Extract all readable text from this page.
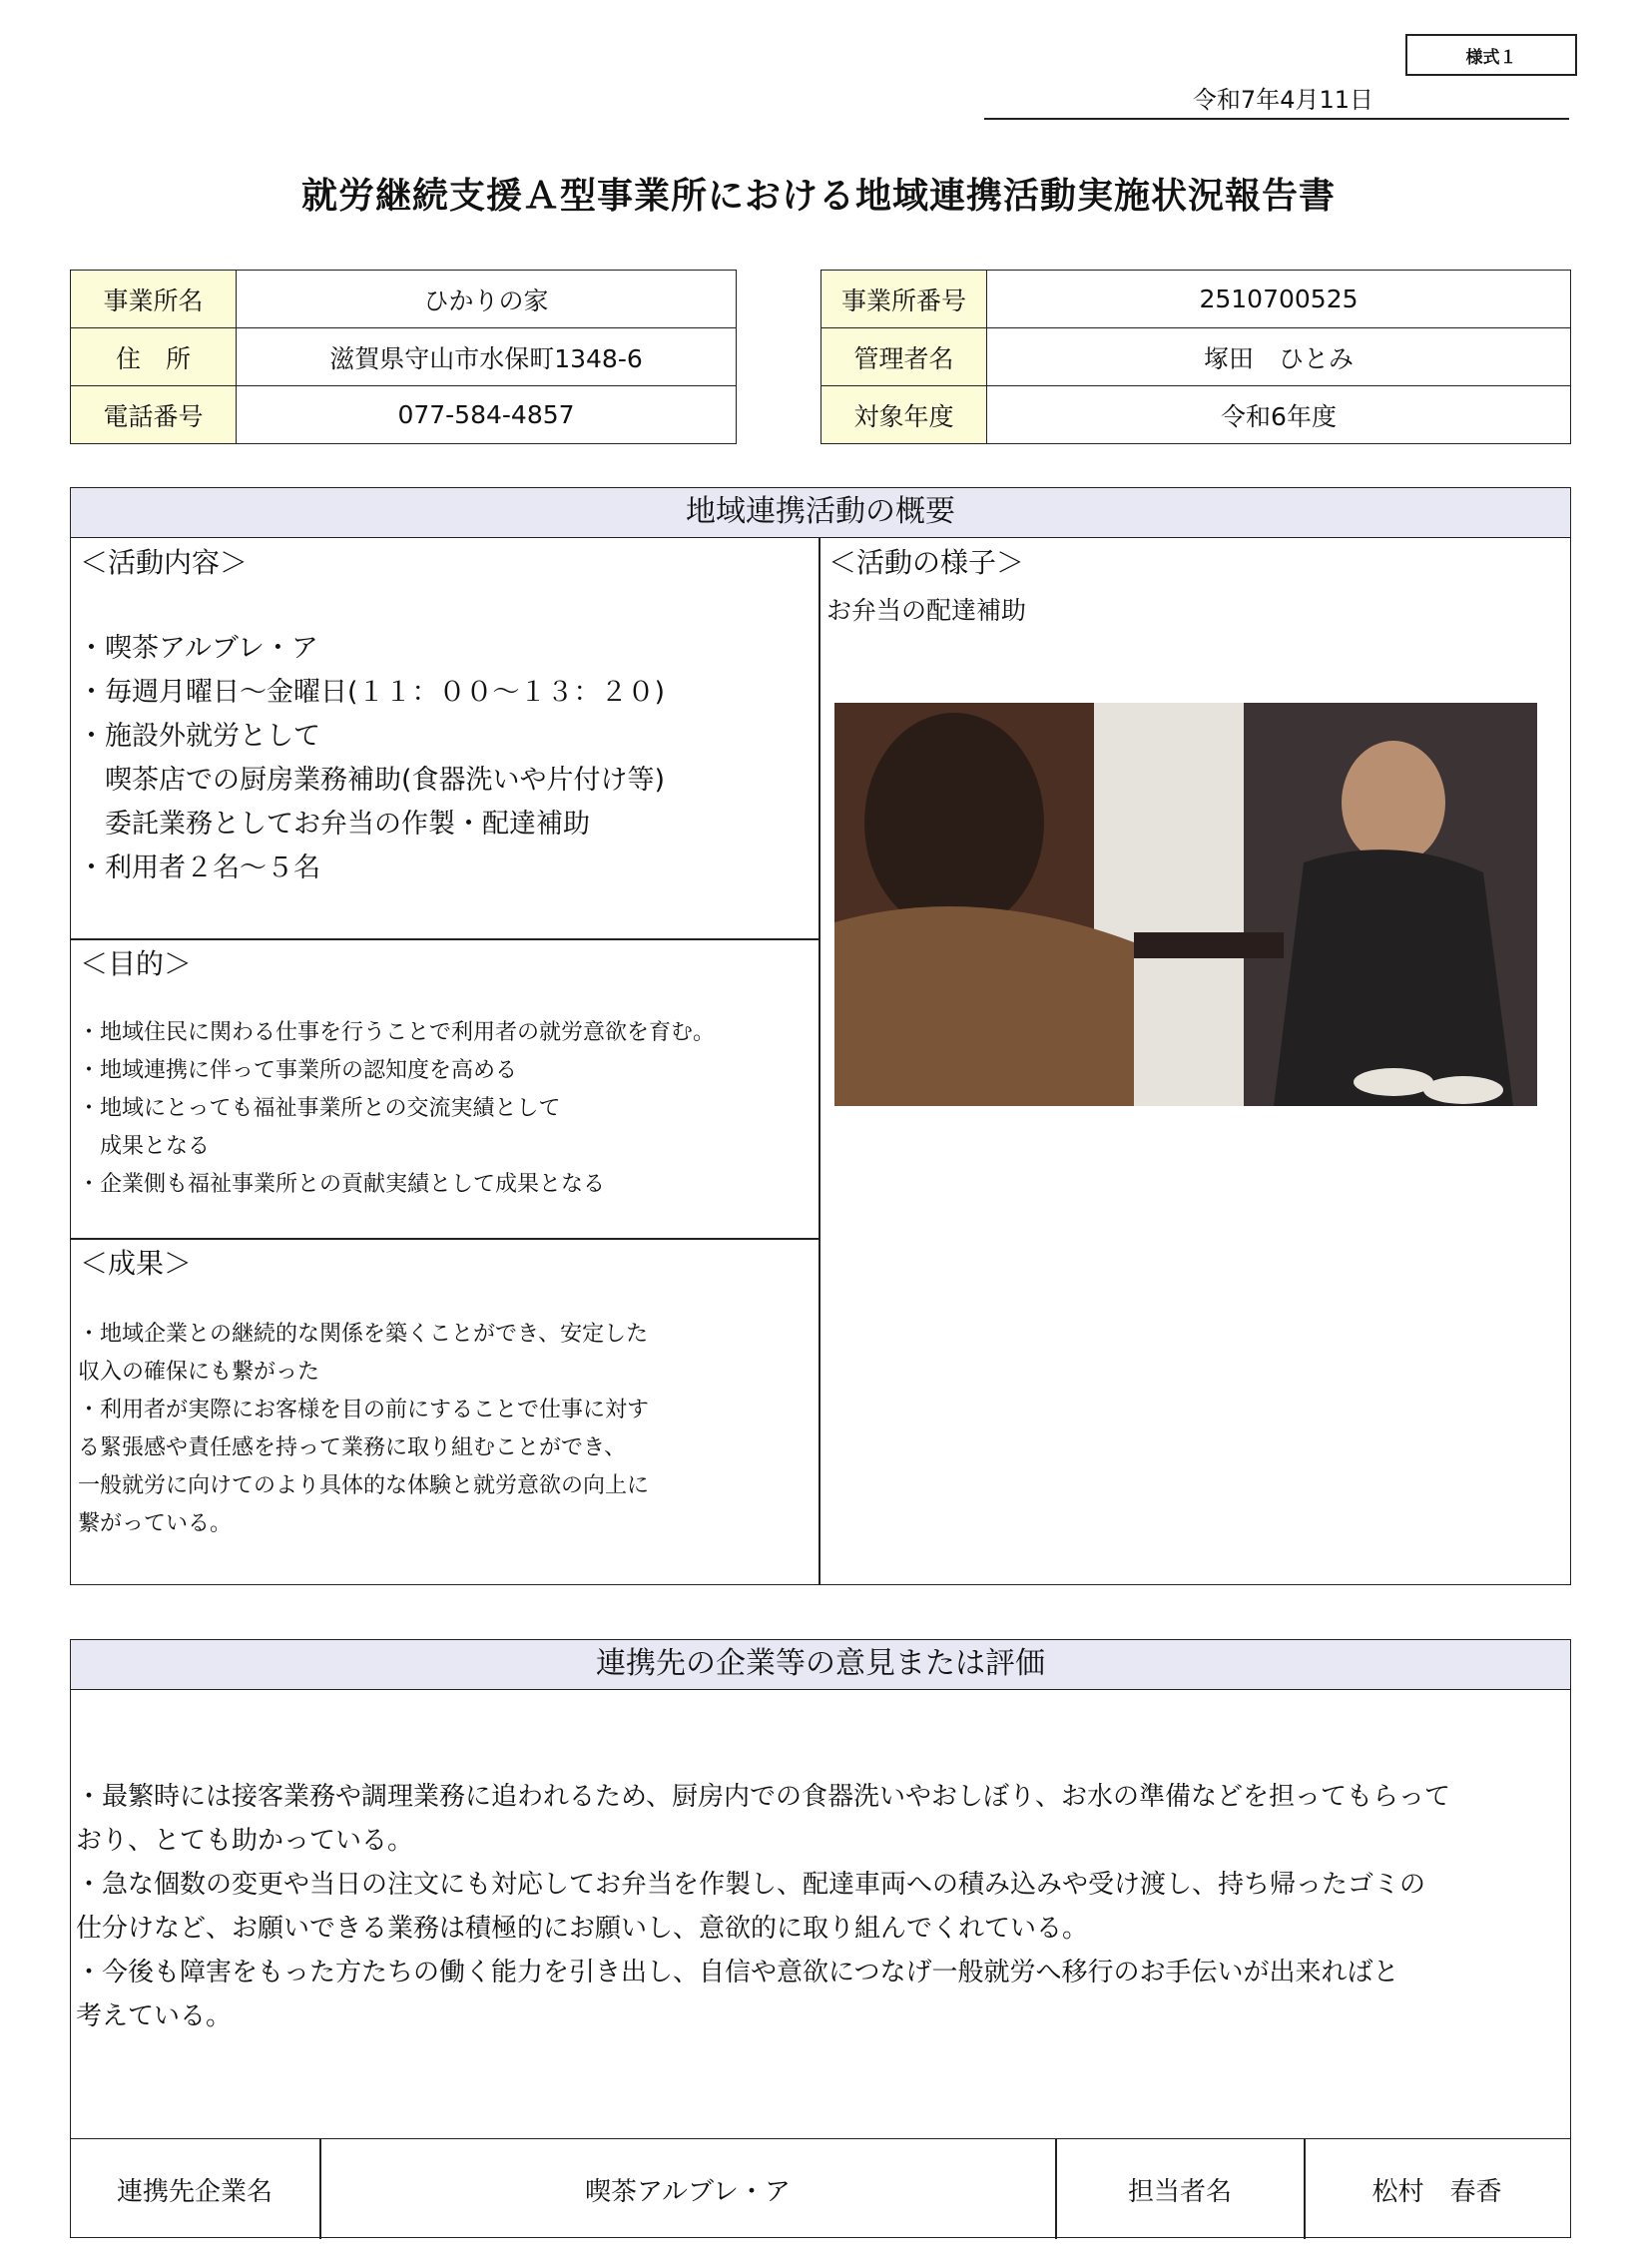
様式１
令和7年4月11日
就労継続支援Ａ型事業所における地域連携活動実施状況報告書
事業所名	ひかりの家
住　所	滋賀県守山市水保町1348-6
電話番号	077-584-4857
事業所番号	2510700525
管理者名	塚田　ひとみ
対象年度	令和6年度
地域連携活動の概要
＜活動内容＞
・喫茶アルブレ・ア
・毎週月曜日～金曜日(１１：００～１３：２０)
・施設外就労として
　喫茶店での厨房業務補助(食器洗いや片付け等)
　委託業務としてお弁当の作製・配達補助
・利用者２名～５名
＜目的＞
・地域住民に関わる仕事を行うことで利用者の就労意欲を育む。
・地域連携に伴って事業所の認知度を高める
・地域にとっても福祉事業所との交流実績として
　成果となる
・企業側も福祉事業所との貢献実績として成果となる
＜成果＞
・地域企業との継続的な関係を築くことができ、安定した
収入の確保にも繋がった
・利用者が実際にお客様を目の前にすることで仕事に対す
る緊張感や責任感を持って業務に取り組むことができ、
一般就労に向けてのより具体的な体験と就労意欲の向上に
繋がっている。
＜活動の様子＞
お弁当の配達補助
連携先の企業等の意見または評価
・最繁時には接客業務や調理業務に追われるため、厨房内での食器洗いやおしぼり、お水の準備などを担ってもらって
おり、とても助かっている。
・急な個数の変更や当日の注文にも対応してお弁当を作製し、配達車両への積み込みや受け渡し、持ち帰ったゴミの
仕分けなど、お願いできる業務は積極的にお願いし、意欲的に取り組んでくれている。
・今後も障害をもった方たちの働く能力を引き出し、自信や意欲につなげ一般就労へ移行のお手伝いが出来ればと
考えている。
連携先企業名	喫茶アルブレ・ア	担当者名	松村　春香
